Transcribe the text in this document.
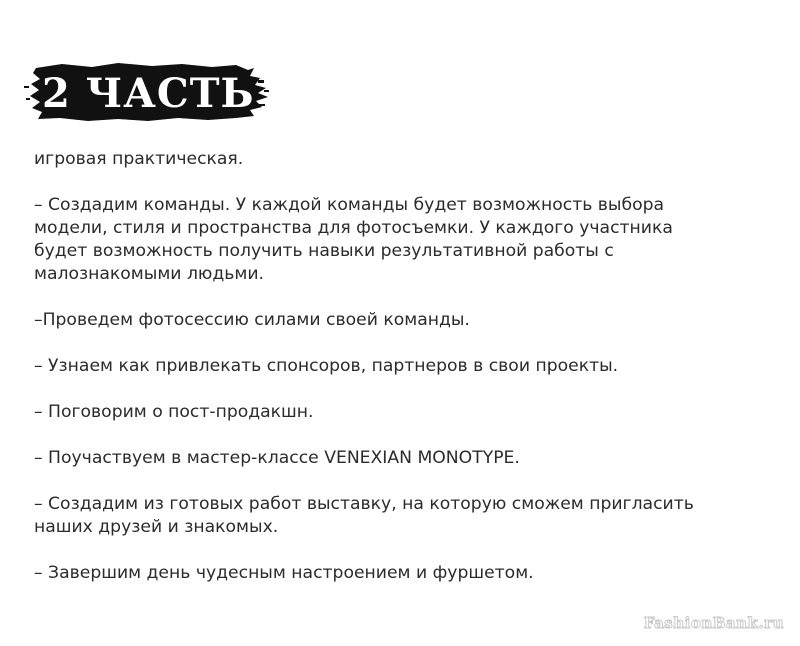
2 ЧАСТЬ
игровая практическая.
– Создадим команды. У каждой команды будет возможность выбора
модели, стиля и пространства для фотосъемки. У каждого участника
будет возможность получить навыки результативной работы с
малознакомыми людьми.
–Проведем фотосессию силами своей команды.
– Узнаем как привлекать спонсоров, партнеров в свои проекты.
– Поговорим о пост-продакшн.
– Поучаствуем в мастер-классе VENEXIAN MONOTYPE.
– Создадим из готовых работ выставку, на которую сможем пригласить
наших друзей и знакомых.
– Завершим день чудесным настроением и фуршетом.
FashionBank.ru
